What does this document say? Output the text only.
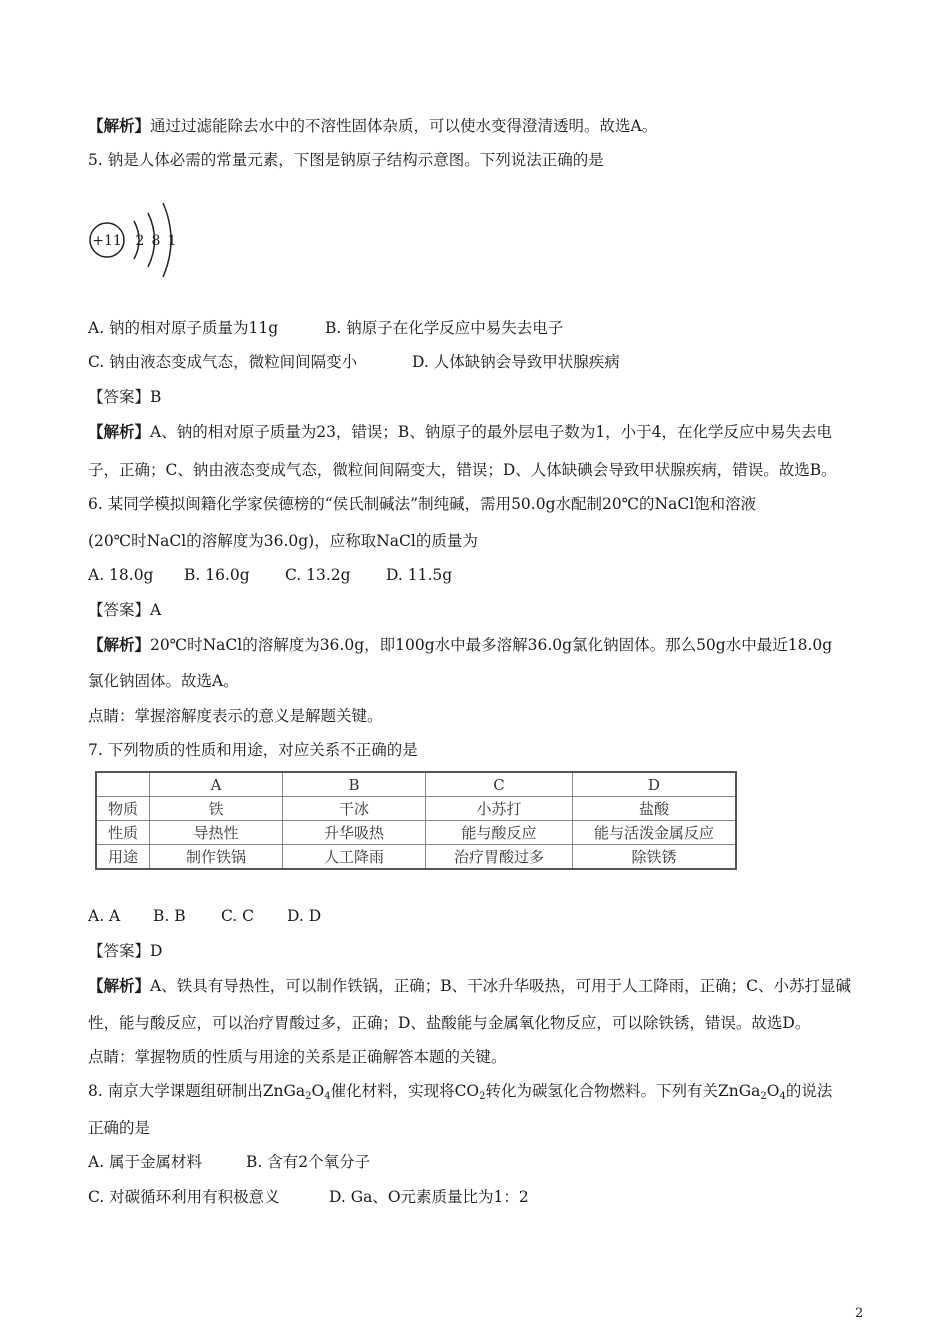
【解析】通过过滤能除去水中的不溶性固体杂质，可以使水变得澄清透明。故选A。
5. 钠是人体必需的常量元素，下图是钠原子结构示意图。下列说法正确的是
+11 2 8 1
A. 钠的相对原子质量为11g	B. 钠原子在化学反应中易失去电子
C. 钠由液态变成气态，微粒间间隔变小	D. 人体缺钠会导致甲状腺疾病
【答案】B
【解析】A、钠的相对原子质量为23，错误；B、钠原子的最外层电子数为1，小于4，在化学反应中易失去电
子，正确；C、钠由液态变成气态，微粒间间隔变大，错误；D、人体缺碘会导致甲状腺疾病，错误。故选B。
6. 某同学模拟闽籍化学家侯德榜的“侯氏制碱法”制纯碱，需用50.0g水配制20℃的NaCl饱和溶液
(20℃时NaCl的溶解度为36.0g)，应称取NaCl的质量为
A. 18.0g B. 16.0g C. 13.2g D. 11.5g
【答案】A
【解析】20℃时NaCl的溶解度为36.0g，即100g水中最多溶解36.0g氯化钠固体。那么50g水中最近18.0g
氯化钠固体。故选A。
点睛：掌握溶解度表示的意义是解题关键。
7. 下列物质的性质和用途，对应关系不正确的是
	A	B	C	D
物质	铁	干冰	小苏打	盐酸
性质	导热性	升华吸热	能与酸反应	能与活泼金属反应
用途	制作铁锅	人工降雨	治疗胃酸过多	除铁锈
A. A B. B C. C D. D
【答案】D
【解析】A、铁具有导热性，可以制作铁锅，正确；B、干冰升华吸热，可用于人工降雨，正确；C、小苏打显碱
性，能与酸反应，可以治疗胃酸过多，正确；D、盐酸能与金属氧化物反应，可以除铁锈，错误。故选D。
点睛：掌握物质的性质与用途的关系是正确解答本题的关键。
8. 南京大学课题组研制出$ZnGa_2O_4$催化材料，实现将$CO_2$转化为碳氢化合物燃料。下列有关$ZnGa_2O_4$的说法
正确的是
A. 属于金属材料	B. 含有2个氧分子
C. 对碳循环利用有积极意义	D. Ga、O元素质量比为1：2
2
